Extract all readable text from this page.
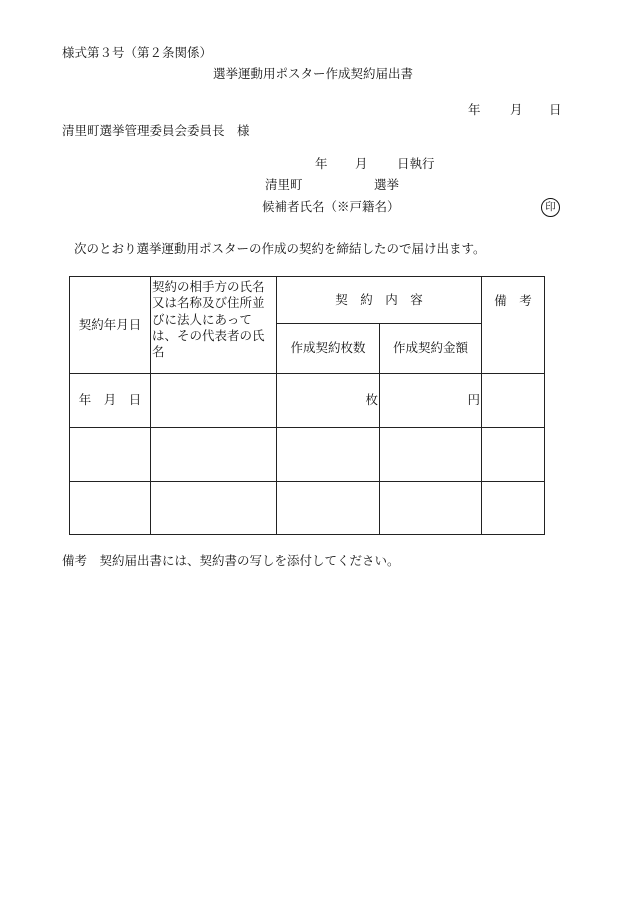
様式第３号（第２条関係）
選挙運動用ポスター作成契約届出書
年 月 日
清里町選挙管理委員会委員長　様
年 月 日執行
清里町	選挙
候補者氏名（※戸籍名）	印
次のとおり選挙運動用ポスターの作成の契約を締結したので届け出ます。
契約年月日	契約の相手方の氏名又は名称及び住所並びに法人にあっては、その代表者の氏名	契　約　内　容		備　考
		作成契約枚数	作成契約金額	
年　月　日		枚	円	

備考　契約届出書には、契約書の写しを添付してください。
